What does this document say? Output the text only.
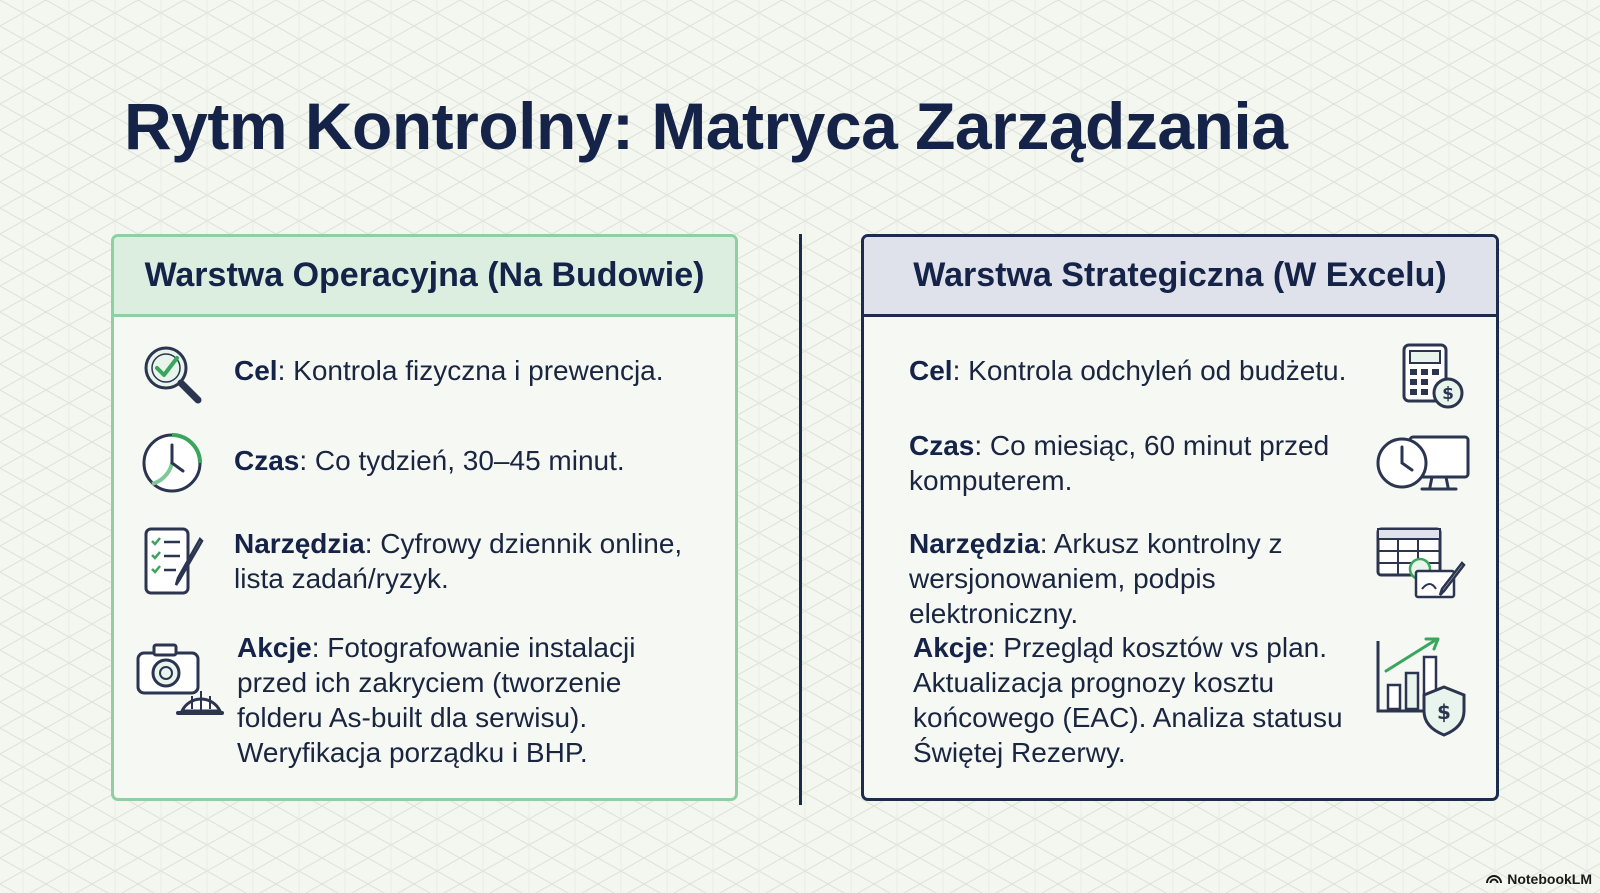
Rytm Kontrolny: Matryca Zarządzania
Warstwa Operacyjna (Na Budowie)
Cel: Kontrola fizyczna i prewencja.
Czas: Co tydzień, 30–45 minut.
Narzędzia: Cyfrowy dziennik online, lista zadań/ryzyk.
Akcje: Fotografowanie instalacji przed ich zakryciem (tworzenie folderu As-built dla serwisu). Weryfikacja porządku i BHP.
Warstwa Strategiczna (W Excelu)
Cel: Kontrola odchyleń od budżetu.
$
Czas: Co miesiąc, 60 minut przed komputerem.
Narzędzia: Arkusz kontrolny z wersjonowaniem, podpis elektroniczny.
Akcje: Przegląd kosztów vs plan. Aktualizacja prognozy kosztu końcowego (EAC). Analiza statusu Świętej Rezerwy.
$
NotebookLM
